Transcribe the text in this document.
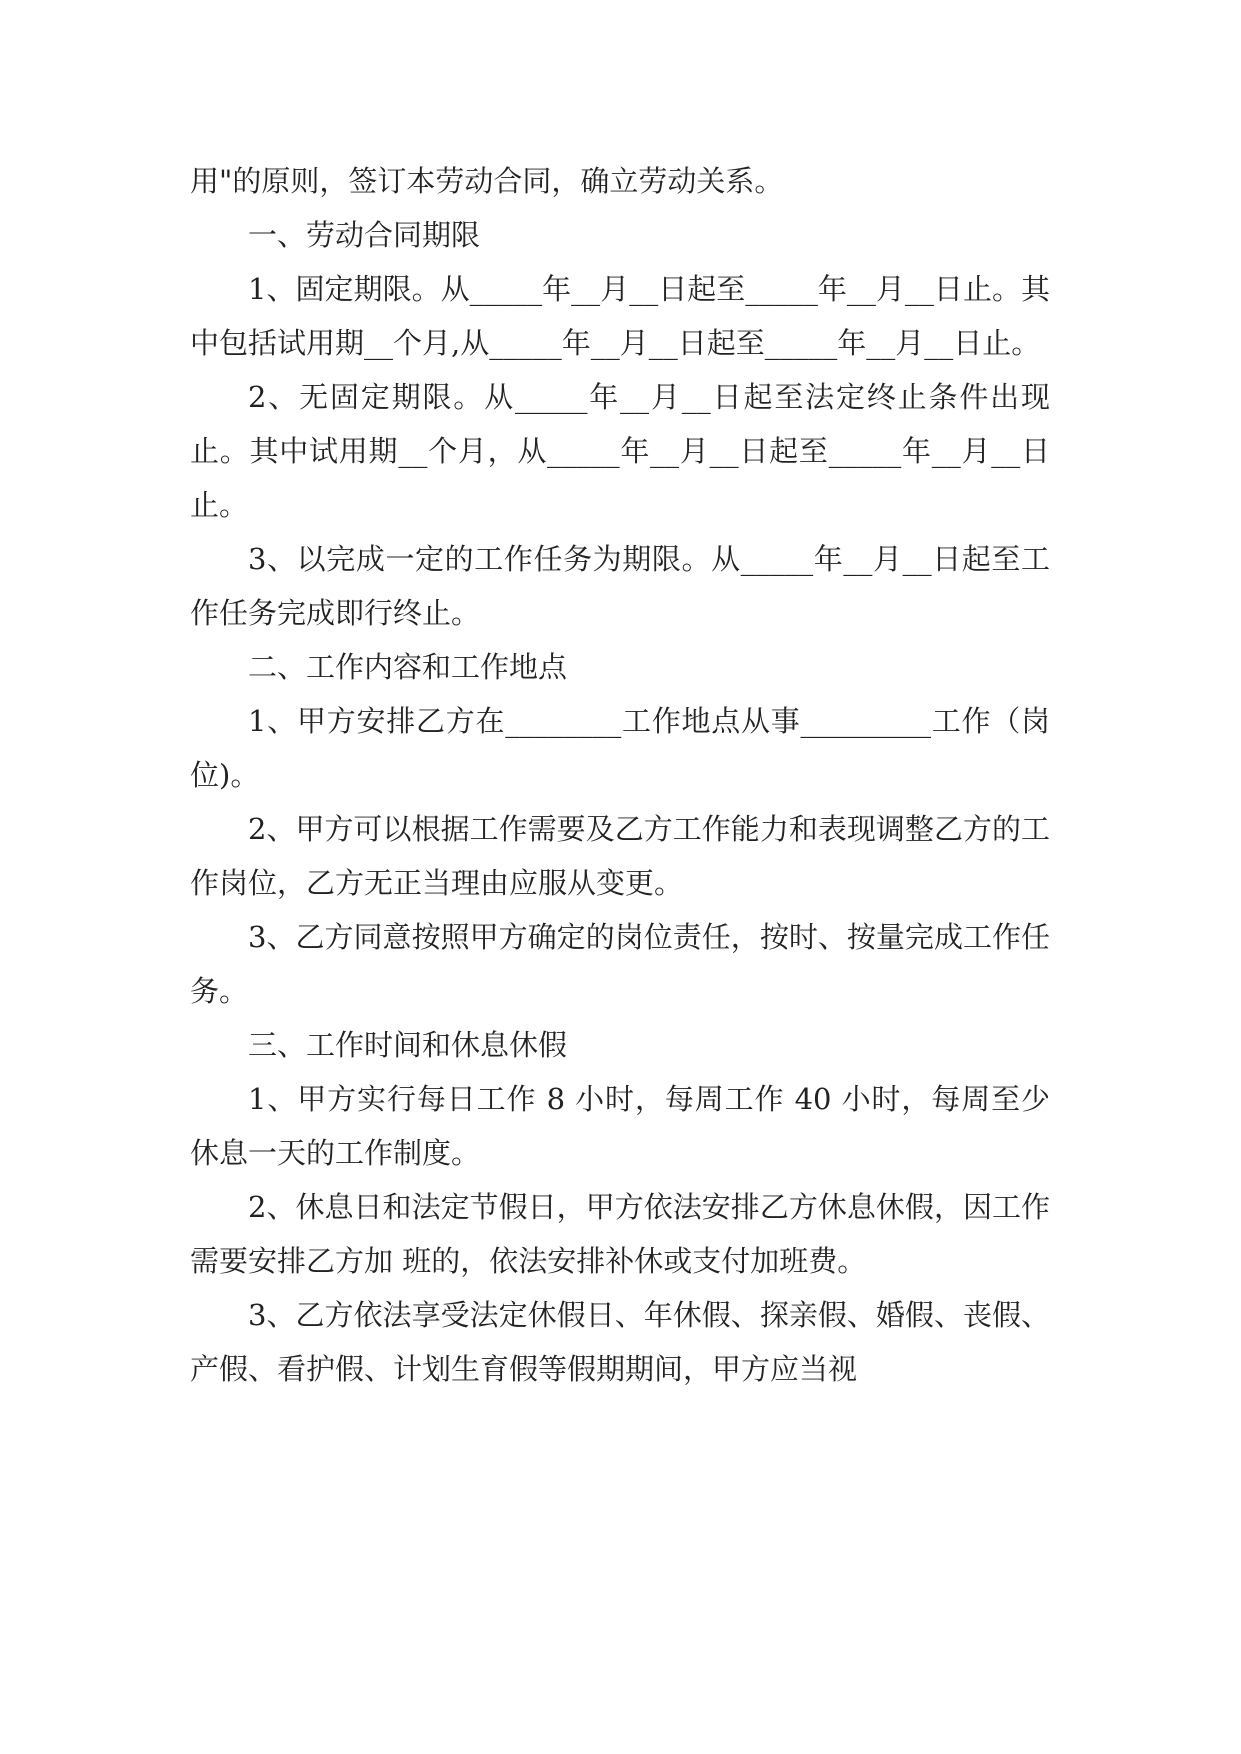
用"的原则，签订本劳动合同，确立劳动关系。

一、劳动合同期限

1、固定期限。从_____年__月__日起至_____年__月__日止。其中包括试用期__个月,从_____年__月__日起至_____年__月__日止。

2、无固定期限。从_____年__月__日起至法定终止条件出现止。其中试用期__个月，从_____年__月__日起至_____年__月__日止。

3、以完成一定的工作任务为期限。从_____年__月__日起至工作任务完成即行终止。

二、工作内容和工作地点

1、甲方安排乙方在________工作地点从事_________工作（岗位)。

2、甲方可以根据工作需要及乙方工作能力和表现调整乙方的工作岗位，乙方无正当理由应服从变更。

3、乙方同意按照甲方确定的岗位责任，按时、按量完成工作任务。

三、工作时间和休息休假

1、甲方实行每日工作 8 小时，每周工作 40 小时，每周至少休息一天的工作制度。

2、休息日和法定节假日，甲方依法安排乙方休息休假，因工作需要安排乙方加 班的，依法安排补休或支付加班费。

3、乙方依法享受法定休假日、年休假、探亲假、婚假、丧假、产假、看护假、计划生育假等假期期间，甲方应当视
